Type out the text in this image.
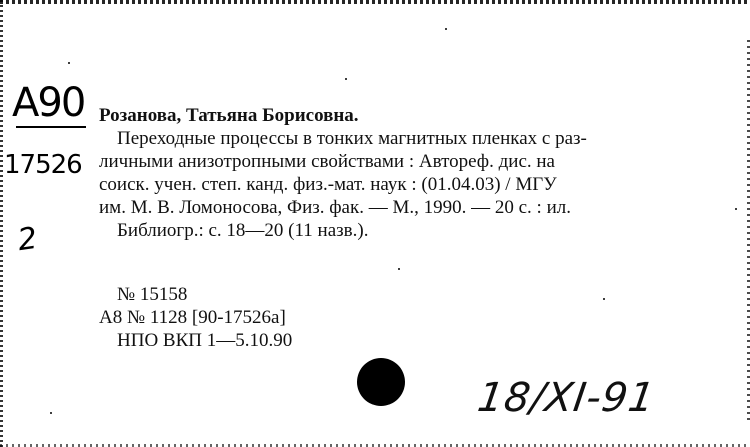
A90
17526
Розанова, Татьяна Борисовна.
Переходные процессы в тонких магнитных пленках с раз-
личными анизотропными свойствами : Автореф. дис. на
соиск. учен. степ. канд. физ.-мат. наук : (01.04.03) / МГУ
им. М. В. Ломоносова, Физ. фак. — М., 1990. — 20 с. : ил.
Библиогр.: с. 18—20 (11 назв.).
2
№ 15158
А8 № 1128 [90-17526а]
НПО ВКП 1—5.10.90
18/XI-91
